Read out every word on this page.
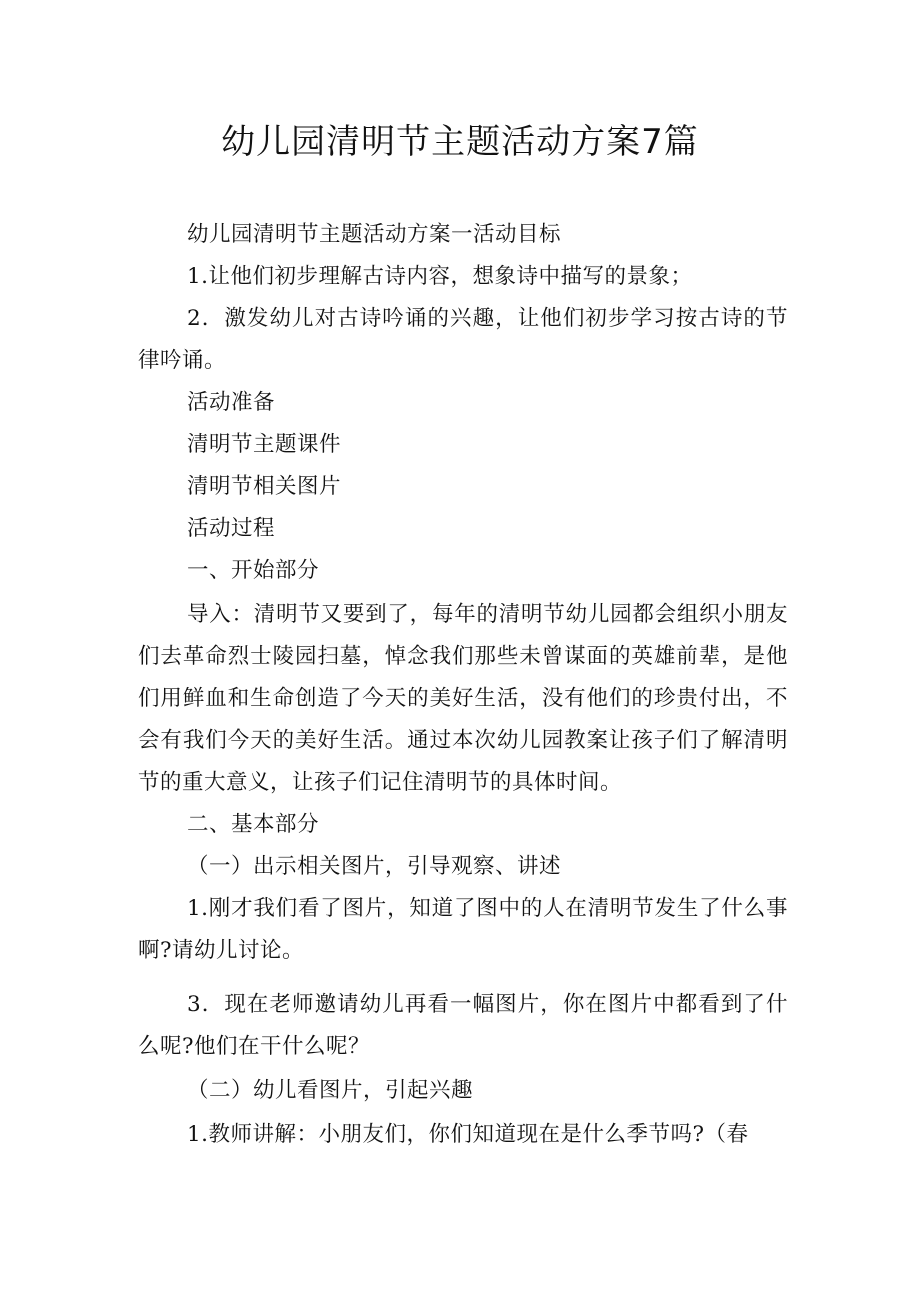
幼儿园清明节主题活动方案7篇

幼儿园清明节主题活动方案一活动目标

1.让他们初步理解古诗内容，想象诗中描写的景象；

2．激发幼儿对古诗吟诵的兴趣，让他们初步学习按古诗的节律吟诵。

活动准备

清明节主题课件

清明节相关图片

活动过程

一、开始部分

导入：清明节又要到了，每年的清明节幼儿园都会组织小朋友们去革命烈士陵园扫墓，悼念我们那些未曾谋面的英雄前辈，是他们用鲜血和生命创造了今天的美好生活，没有他们的珍贵付出，不会有我们今天的美好生活。通过本次幼儿园教案让孩子们了解清明节的重大意义，让孩子们记住清明节的具体时间。

二、基本部分

（一）出示相关图片，引导观察、讲述

1.刚才我们看了图片，知道了图中的人在清明节发生了什么事啊?请幼儿讨论。

3．现在老师邀请幼儿再看一幅图片，你在图片中都看到了什么呢?他们在干什么呢？

（二）幼儿看图片，引起兴趣

1.教师讲解：小朋友们，你们知道现在是什么季节吗?（春
